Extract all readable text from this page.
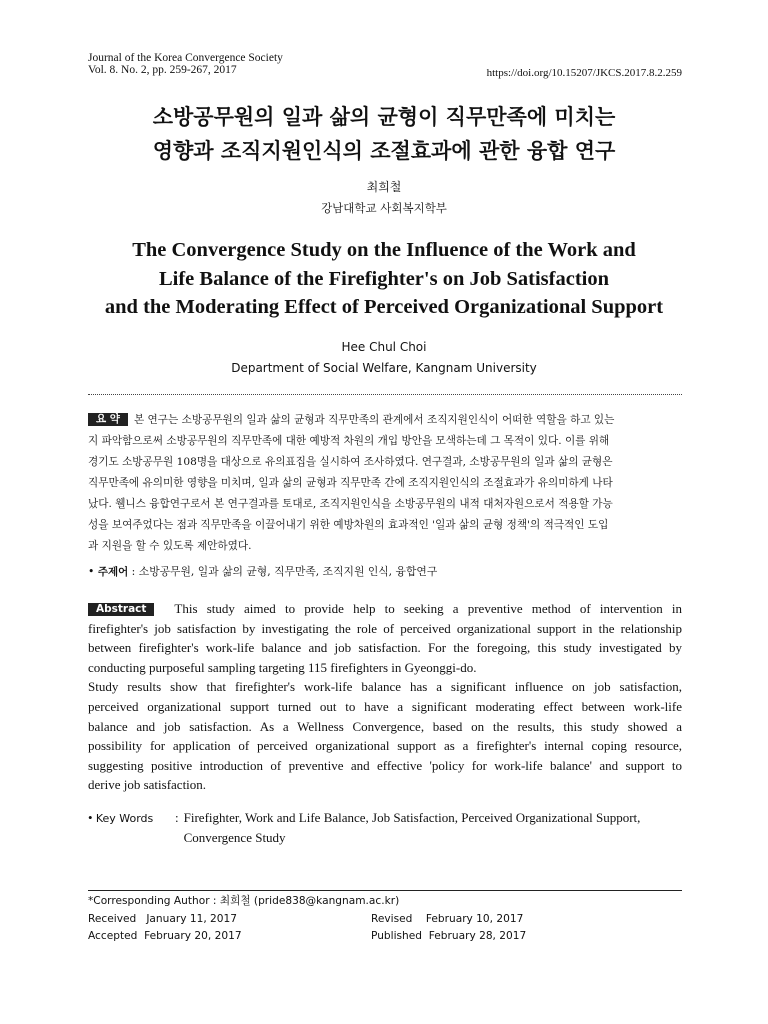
Journal of the Korea Convergence Society
Vol. 8. No. 2, pp. 259-267, 2017	https://doi.org/10.15207/JKCS.2017.8.2.259
소방공무원의 일과 삶의 균형이 직무만족에 미치는
영향과 조직지원인식의 조절효과에 관한 융합 연구
최희철
강남대학교 사회복지학부
The Convergence Study on the Influence of the Work and
Life Balance of the Firefighter's on Job Satisfaction
and the Moderating Effect of Perceived Organizational Support
Hee Chul Choi
Department of Social Welfare, Kangnam University
요 약 본 연구는 소방공무원의 일과 삶의 균형과 직무만족의 관계에서 조직지원인식이 어떠한 역할을 하고 있는
지 파악함으로써 소방공무원의 직무만족에 대한 예방적 차원의 개입 방안을 모색하는데 그 목적이 있다. 이를 위해
경기도 소방공무원 108명을 대상으로 유의표집을 실시하여 조사하였다. 연구결과, 소방공무원의 일과 삶의 균형은
직무만족에 유의미한 영향을 미치며, 일과 삶의 균형과 직무만족 간에 조직지원인식의 조절효과가 유의미하게 나타
났다. 웰니스 융합연구로서 본 연구결과를 토대로, 조직지원인식을 소방공무원의 내적 대처자원으로서 적용할 가능
성을 보여주었다는 점과 직무만족을 이끌어내기 위한 예방차원의 효과적인 '일과 삶의 균형 정책'의 적극적인 도입
과 지원을 할 수 있도록 제안하였다.
• 주제어 : 소방공무원, 일과 삶의 균형, 직무만족, 조직지원 인식, 융합연구
Abstract This study aimed to provide help to seeking a preventive method of intervention in
firefighter's job satisfaction by investigating the role of perceived organizational support in the relationship
between firefighter's work-life balance and job satisfaction. For the foregoing, this study investigated by
conducting purposeful sampling targeting 115 firefighters in Gyeonggi-do.
Study results show that firefighter's work-life balance has a significant influence on job satisfaction,
perceived organizational support turned out to have a significant moderating effect between work-life
balance and job satisfaction. As a Wellness Convergence, based on the results, this study showed a
possibility for application of perceived organizational support as a firefighter's internal coping resource,
suggesting positive introduction of preventive and effective 'policy for work-life balance' and support to
derive job satisfaction.
• Key Words	: Firefighter, Work and Life Balance, Job Satisfaction, Perceived Organizational Support,
Convergence Study
*Corresponding Author : 최희철 (pride838@kangnam.ac.kr)
Received January 11, 2017	Revised February 10, 2017
Accepted February 20, 2017	Published February 28, 2017
